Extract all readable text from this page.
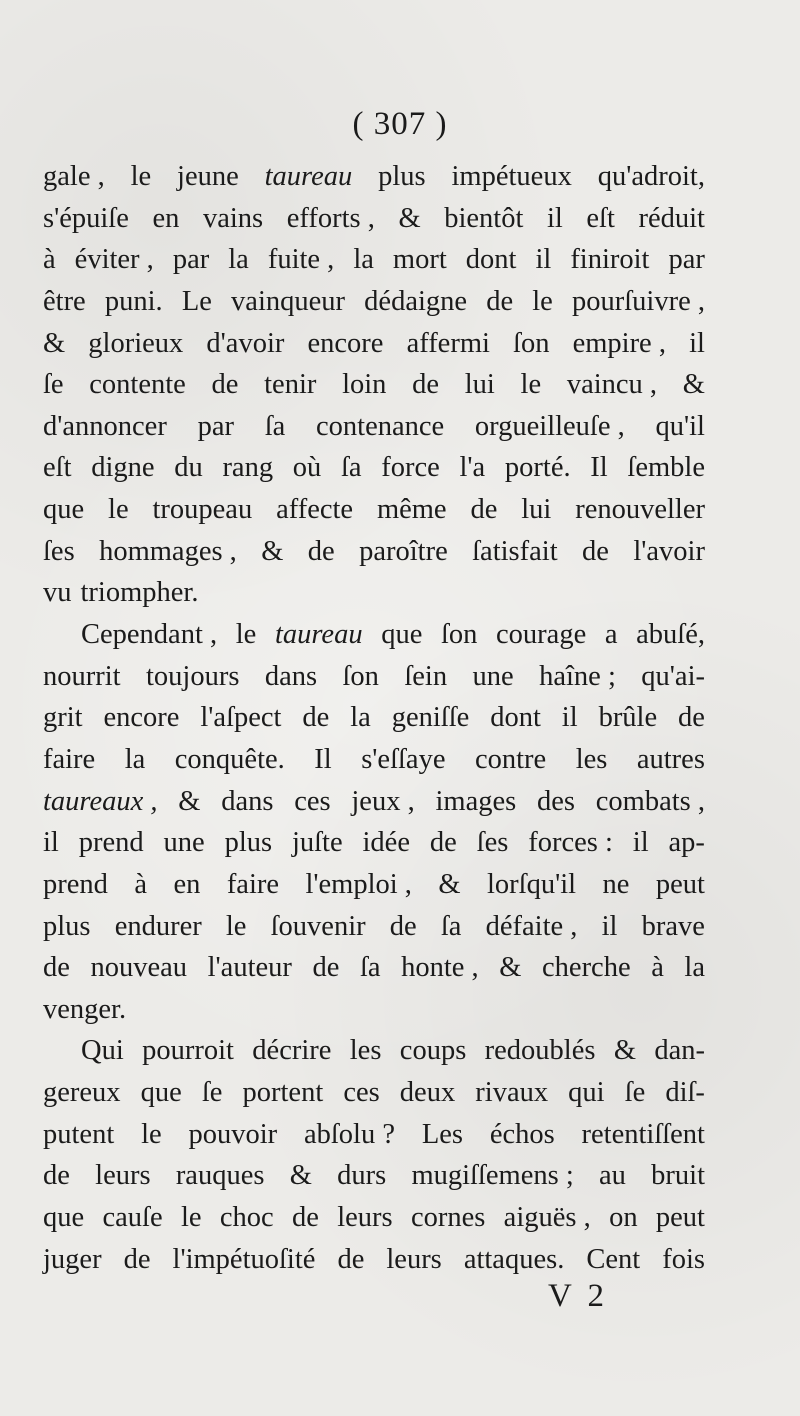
( 307 )
gale , le jeune taureau plus impétueux qu'adroit,
s'épuiſe en vains efforts , & bientôt il eſt réduit
à éviter , par la fuite , la mort dont il finiroit par
être puni. Le vainqueur dédaigne de le pourſuivre ,
& glorieux d'avoir encore affermi ſon empire , il
ſe contente de tenir loin de lui le vaincu , &
d'annoncer par ſa contenance orgueilleuſe , qu'il
eſt digne du rang où ſa force l'a porté. Il ſemble
que le troupeau affecte même de lui renouveller
ſes hommages , & de paroître ſatisfait de l'avoir
vu triompher.
Cependant , le taureau que ſon courage a abuſé,
nourrit toujours dans ſon ſein une haîne ; qu'ai-
grit encore l'aſpect de la geniſſe dont il brûle de
faire la conquête. Il s'eſſaye contre les autres
taureaux , & dans ces jeux , images des combats ,
il prend une plus juſte idée de ſes forces : il ap-
prend à en faire l'emploi , & lorſqu'il ne peut
plus endurer le ſouvenir de ſa défaite , il brave
de nouveau l'auteur de ſa honte , & cherche à la
venger.
Qui pourroit décrire les coups redoublés & dan-
gereux que ſe portent ces deux rivaux qui ſe diſ-
putent le pouvoir abſolu ? Les échos retentiſſent
de leurs rauques & durs mugiſſemens ; au bruit
que cauſe le choc de leurs cornes aiguës , on peut
juger de l'impétuoſité de leurs attaques. Cent fois
V 2
